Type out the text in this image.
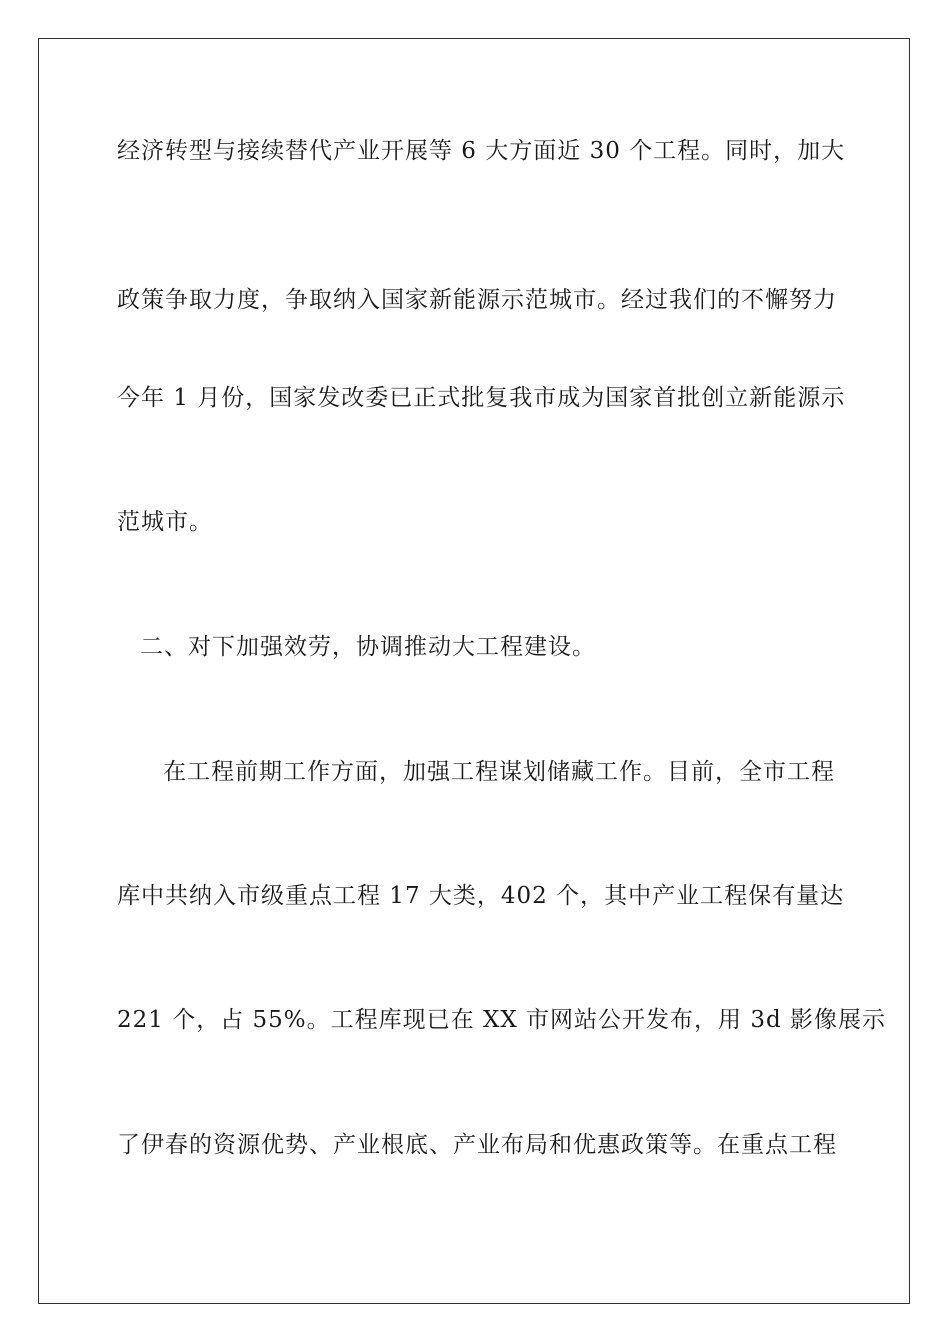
经济转型与接续替代产业开展等 6 大方面近 30 个工程。同时，加大
政策争取力度，争取纳入国家新能源示范城市。经过我们的不懈努力
今年 1 月份，国家发改委已正式批复我市成为国家首批创立新能源示
范城市。
二、对下加强效劳，协调推动大工程建设。
在工程前期工作方面，加强工程谋划储藏工作。目前，全市工程
库中共纳入市级重点工程 17 大类，402 个，其中产业工程保有量达
221 个，占 55%。工程库现已在 XX 市网站公开发布，用 3d 影像展示
了伊春的资源优势、产业根底、产业布局和优惠政策等。在重点工程
